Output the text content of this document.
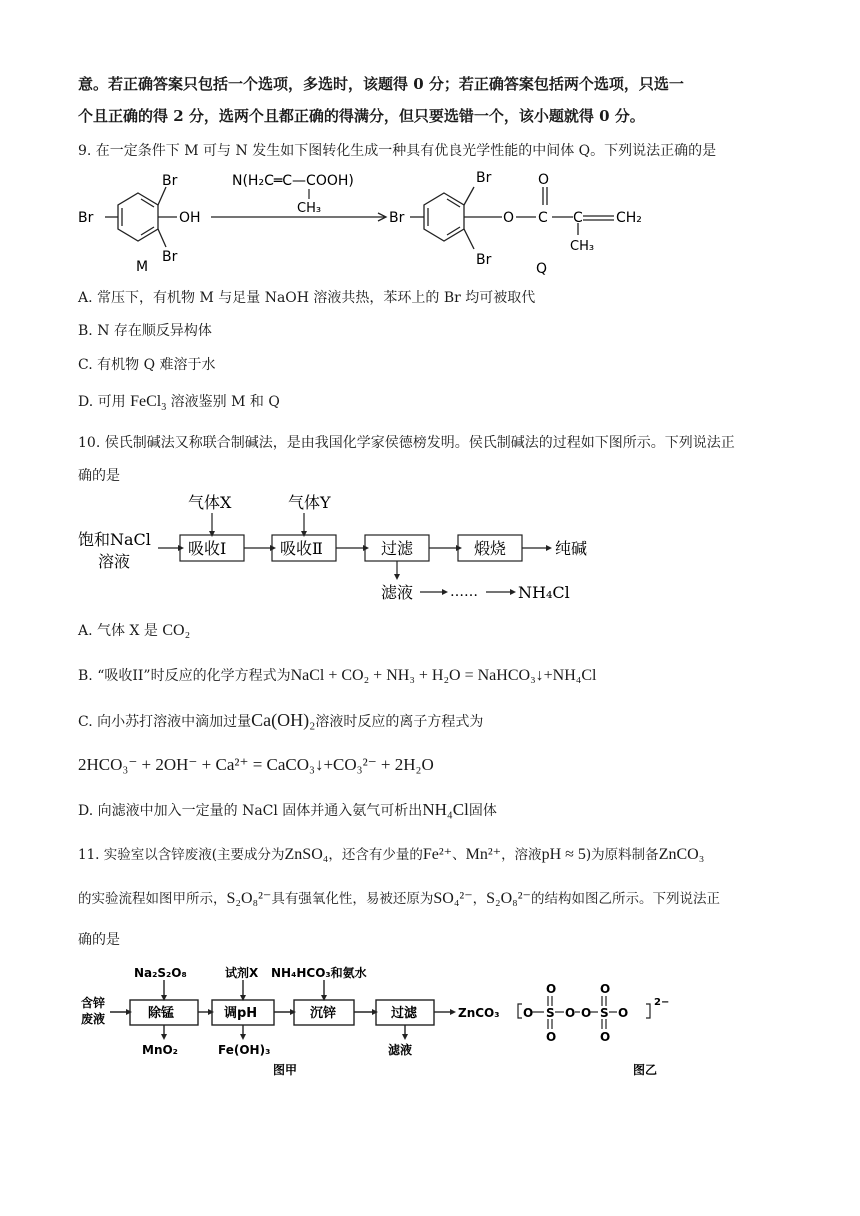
意。若正确答案只包括一个选项，多选时，该题得 0 分；若正确答案包括两个选项，只选一
个且正确的得 2 分，选两个且都正确的得满分，但只要选错一个，该小题就得 0 分。
9. 在一定条件下 M 可与 N 发生如下图转化生成一种具有优良光学性能的中间体 Q。下列说法正确的是
Br
Br
Br
OH
M
N(H₂C═C—COOH)
CH₃
Br
Br
Br
O
O
C C CH₂
CH₃
Q
A. 常压下，有机物 M 与足量 NaOH 溶液共热，苯环上的 Br 均可被取代
B. N 存在顺反异构体
C. 有机物 Q 难溶于水
D. 可用 FeCl$_3$ 溶液鉴别 M 和 Q
10. 侯氏制碱法又称联合制碱法，是由我国化学家侯德榜发明。侯氏制碱法的过程如下图所示。下列说法正
确的是
饱和NaCl
溶液
气体X	气体Y
吸收Ⅰ	吸收Ⅱ	过滤	煅烧	纯碱
滤液	……	NH₄Cl
A. 气体 X 是 CO₂
B. “吸收II”时反应的化学方程式为NaCl + CO₂ + NH₃ + H₂O = NaHCO₃↓+NH₄Cl
C. 向小苏打溶液中滴加过量Ca(OH)₂溶液时反应的离子方程式为
2HCO₃⁻ + 2OH⁻ + Ca²⁺ = CaCO₃↓+CO₃²⁻ + 2H₂O
D. 向滤液中加入一定量的 NaCl 固体并通入氨气可析出NH₄Cl固体
11. 实验室以含锌废液(主要成分为ZnSO₄，还含有少量的Fe²⁺、Mn²⁺，溶液pH ≈ 5)为原料制备ZnCO₃
的实验流程如图甲所示，S₂O₈²⁻具有强氧化性，易被还原为SO₄²⁻，S₂O₈²⁻的结构如图乙所示。下列说法正
确的是
Na₂S₂O₈	试剂X NH₄HCO₃和氨水
含锌
废液	除锰	调pH	沉锌	过滤	ZnCO₃
MnO₂	Fe(OH)₃	滤液
图甲
O	O
O
S	S
O
O
O
O
2−
图乙
O
